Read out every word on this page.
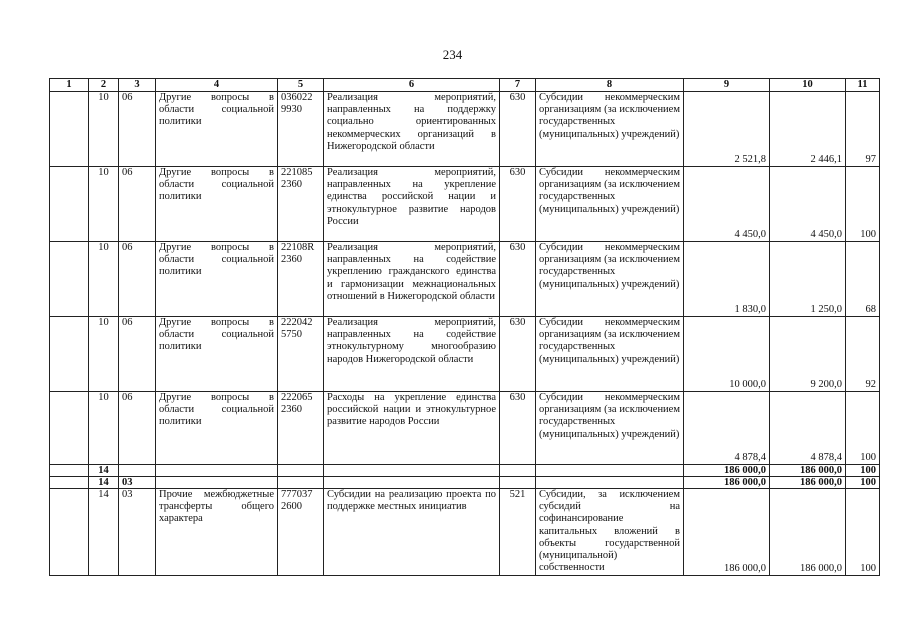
234
1	2	3	4	5	6	7	8	9	10	11
	10	06	Другие вопросы в области социальной политики	036022 9930	Реализация мероприятий, направленных на поддержку социально ориентированных некоммерческих организаций в Нижегородской области	630	Субсидии некоммерческим организациям (за исключением государственных (муниципальных) учреждений)	2 521,8	2 446,1	97
	10	06	Другие вопросы в области социальной политики	221085 2360	Реализация мероприятий, направленных на укрепление единства российской нации и этнокультурное развитие народов России	630	Субсидии некоммерческим организациям (за исключением государственных (муниципальных) учреждений)	4 450,0	4 450,0	100
	10	06	Другие вопросы в области социальной политики	22108R 2360	Реализация мероприятий, направленных на содействие укреплению гражданского единства и гармонизации межнациональных отношений в Нижегородской области	630	Субсидии некоммерческим организациям (за исключением государственных (муниципальных) учреждений)	1 830,0	1 250,0	68
	10	06	Другие вопросы в области социальной политики	222042 5750	Реализация мероприятий, направленных на содействие этнокультурному многообразию народов Нижегородской области	630	Субсидии некоммерческим организациям (за исключением государственных (муниципальных) учреждений)	10 000,0	9 200,0	92
	10	06	Другие вопросы в области социальной политики	222065 2360	Расходы на укрепление единства российской нации и этнокультурное развитие народов России	630	Субсидии некоммерческим организациям (за исключением государственных (муниципальных) учреждений)	4 878,4	4 878,4	100
	14							186 000,0	186 000,0	100
	14	03						186 000,0	186 000,0	100
	14	03	Прочие межбюджетные трансферты общего характера	777037 2600	Субсидии на реализацию проекта по поддержке местных инициатив	521	Субсидии, за исключением субсидий на софинансирование капитальных вложений в объекты государственной (муниципальной) собственности	186 000,0	186 000,0	100
